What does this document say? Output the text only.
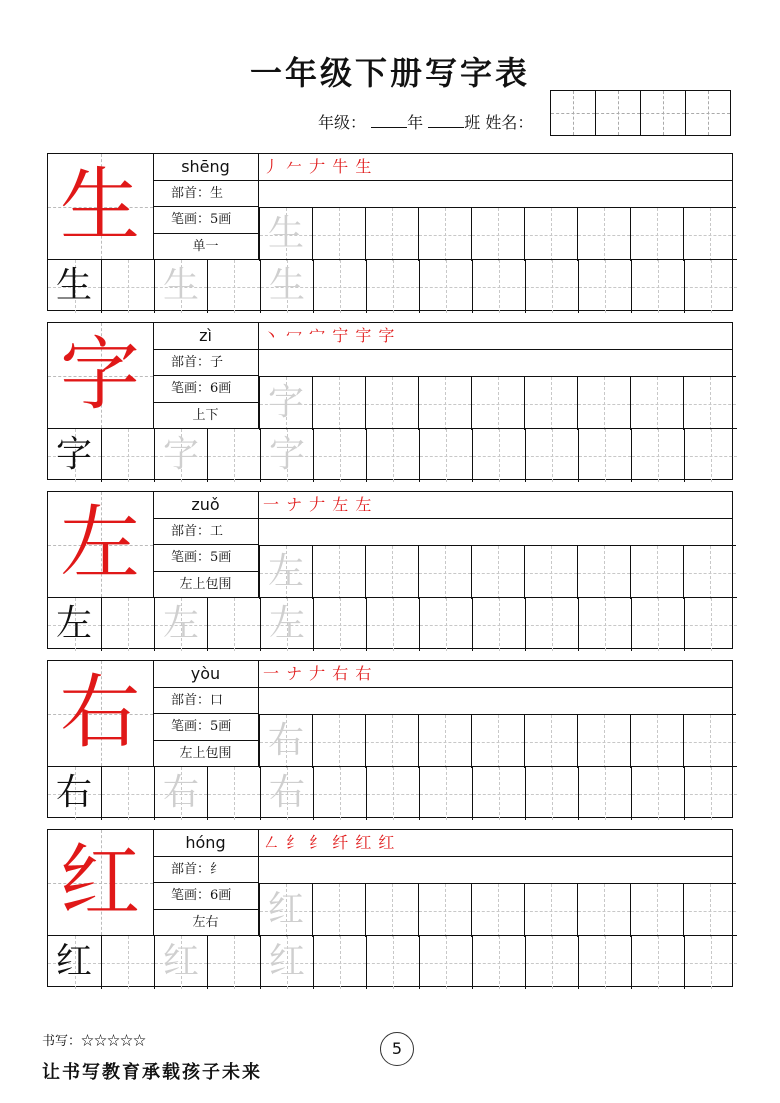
一年级下册写字表
年级：	年	班 姓名：
生	shēng
部首：生
笔画：5画
单一
丿 𠂉 𠂇 牛 生
生
生 生 生
字	zì
部首：子
笔画：6画
上下
丶 冖 宀 宁 宇 字
字
字 字 字
左	zuǒ
部首：工
笔画：5画
左上包围
一 ナ 𠂇 左 左
左
左 左 左
右	yòu
部首：口
笔画：5画
左上包围
一 ナ 𠂇 右 右
右
右 右 右
红	hóng
部首：纟
笔画：6画
左右
㇜ 纟 纟 纤 红 红
红
红 红 红
书写：☆☆☆☆☆	5
让书写教育承载孩子未来
